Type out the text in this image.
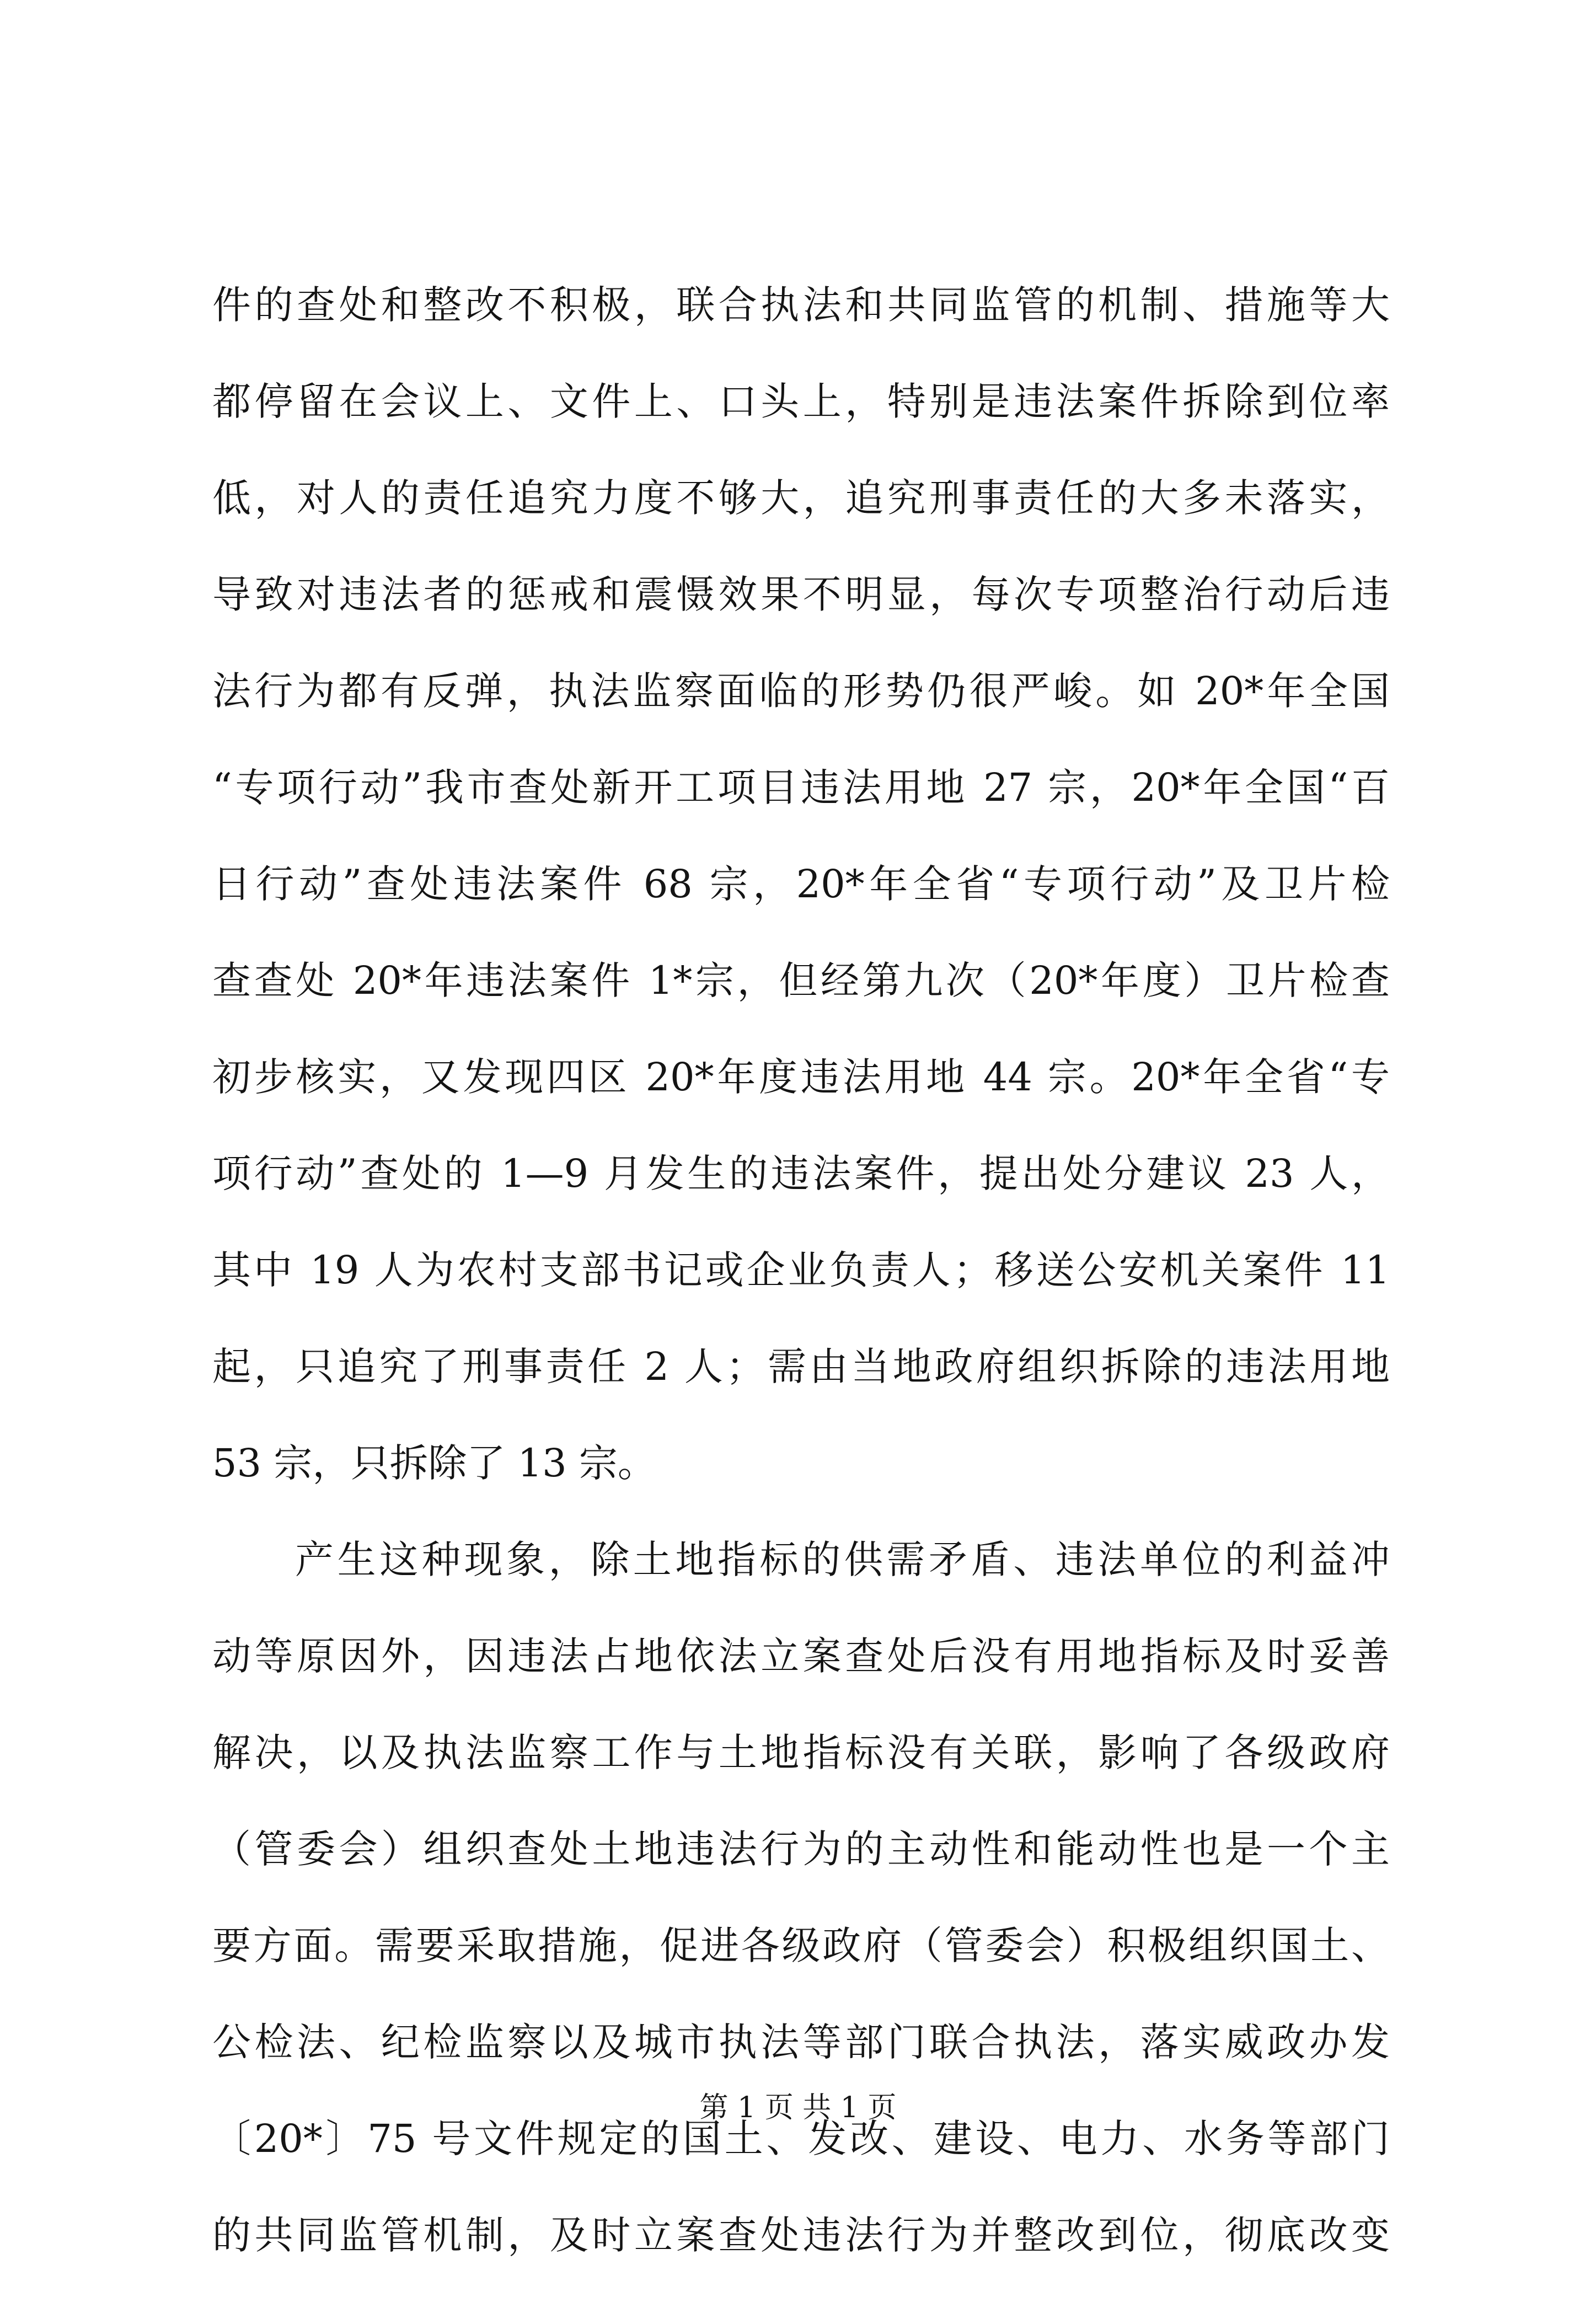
件的查处和整改不积极，联合执法和共同监管的机制、措施等大
都停留在会议上、文件上、口头上，特别是违法案件拆除到位率
低，对人的责任追究力度不够大，追究刑事责任的大多未落实，
导致对违法者的惩戒和震慑效果不明显，每次专项整治行动后违
法行为都有反弹，执法监察面临的形势仍很严峻。如 20*年全国
“专项行动”我市查处新开工项目违法用地 27 宗，20*年全国“百
日行动”查处违法案件 68 宗，20*年全省“专项行动”及卫片检
查查处 20*年违法案件 1*宗，但经第九次（20*年度）卫片检查
初步核实，又发现四区 20*年度违法用地 44 宗。20*年全省“专
项行动”查处的 1—9 月发生的违法案件，提出处分建议 23 人，
其中 19 人为农村支部书记或企业负责人；移送公安机关案件 11
起，只追究了刑事责任 2 人；需由当地政府组织拆除的违法用地
53 宗，只拆除了 13 宗。
产生这种现象，除土地指标的供需矛盾、违法单位的利益冲
动等原因外，因违法占地依法立案查处后没有用地指标及时妥善
解决，以及执法监察工作与土地指标没有关联，影响了各级政府
（管委会）组织查处土地违法行为的主动性和能动性也是一个主
要方面。需要采取措施，促进各级政府（管委会）积极组织国土、
公检法、纪检监察以及城市执法等部门联合执法，落实威政办发
〔20*〕75 号文件规定的国土、发改、建设、电力、水务等部门
的共同监管机制，及时立案查处违法行为并整改到位，彻底改变
第 1 页 共 1 页
